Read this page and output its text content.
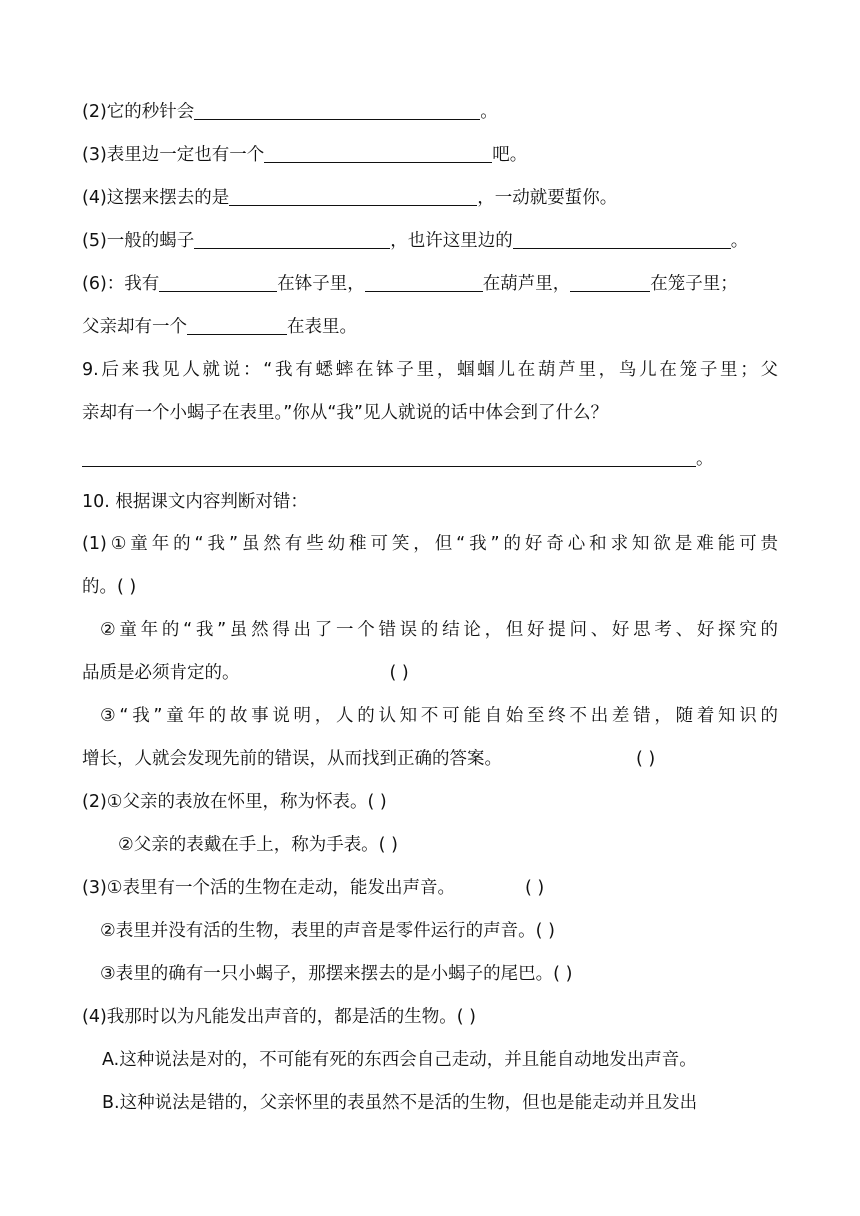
(2)它的秒针会	。
(3)表里边一定也有一个	吧。
(4)这摆来摆去的是	，一动就要蜇你。
(5)一般的蝎子	，也许这里边的	。
(6)：我有	在钵子里，	在葫芦里，	在笼子里；
父亲却有一个	在表里。
9.后来我见人就说：“我有蟋蟀在钵子里，蝈蝈儿在葫芦里，鸟儿在笼子里；父
亲却有一个小蝎子在表里。”你从“我”见人就说的话中体会到了什么？
。
10. 根据课文内容判断对错：
(1)①童年的“我”虽然有些幼稚可笑，但“我”的好奇心和求知欲是难能可贵
的。( )
②童年的“我”虽然得出了一个错误的结论，但好提问、好思考、好探究的
品质是必须肯定的。	( )
③“我”童年的故事说明，人的认知不可能自始至终不出差错，随着知识的
增长，人就会发现先前的错误，从而找到正确的答案。	( )
(2)①父亲的表放在怀里，称为怀表。( )
②父亲的表戴在手上，称为手表。( )
(3)①表里有一个活的生物在走动，能发出声音。	( )
②表里并没有活的生物，表里的声音是零件运行的声音。( )
③表里的确有一只小蝎子，那摆来摆去的是小蝎子的尾巴。( )
(4)我那时以为凡能发出声音的，都是活的生物。( )
A.这种说法是对的，不可能有死的东西会自己走动，并且能自动地发出声音。
B.这种说法是错的，父亲怀里的表虽然不是活的生物，但也是能走动并且发出
